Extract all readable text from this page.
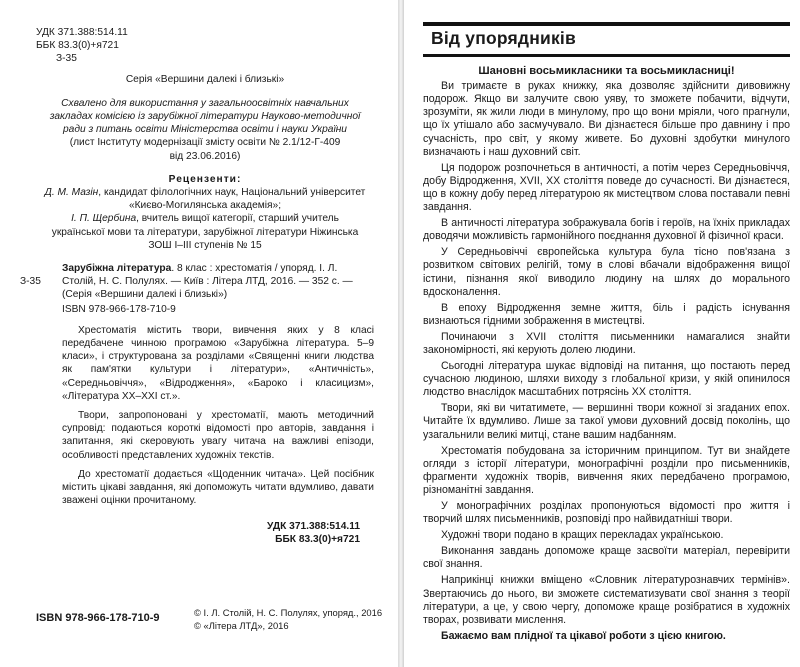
УДК 371.388:514.11
ББК 83.3(0)+я721
З-35
Серія «Вершини далекі і близькі»
Схвалено для використання у загальноосвітніх навчальних закладах комісією із зарубіжної літератури Науково-методичної ради з питань освіти Міністерства освіти і науки України
(лист Інституту модернізації змісту освіти № 2.1/12-Г-409 від 23.06.2016)
Рецензенти:
Д. М. Мазін, кандидат філологічних наук, Національний університет «Києво-Могилянська академія»;
І. П. Щербина, вчитель вищої категорії, старший учитель української мови та літератури, зарубіжної літератури Ніжинська ЗОШ І–ІІІ ступенів № 15
З-35
Зарубіжна література. 8 клас : хрестоматія / упоряд. І. Л. Столій, Н. С. Полулях. — Київ : Літера ЛТД, 2016. — 352 с. — (Серія «Вершини далекі і близькі»)
ISBN 978-966-178-710-9

Хрестоматія містить твори, вивчення яких у 8 класі передбачене чинною програмою «Зарубіжна література. 5–9 класи», і структурована за розділами «Священні книги людства як пам'ятки культури і літератури», «Античність», «Середньовіччя», «Відродження», «Бароко і класицизм», «Література XX–XXI ст.».

Твори, запропоновані у хрестоматії, мають методичний супровід: подаються короткі відомості про авторів, завдання і запитання, які скеровують увагу читача на важливі епізоди, особливості представлених художніх текстів.

До хрестоматії додається «Щоденник читача». Цей посібник містить цікаві завдання, які допоможуть читати вдумливо, давати зважені оцінки прочитаному.

УДК 371.388:514.11
ББК 83.3(0)+я721
ISBN 978-966-178-710-9	© І. Л. Столій, Н. С. Полулях, упоряд., 2016
© «Літера ЛТД», 2016
Від упорядників
Шановні восьмикласники та восьмикласниці!

Ви тримаєте в руках книжку, яка дозволяє здійснити дивовижну подорож. Якщо ви залучите свою уяву, то зможете побачити, відчути, зрозуміти, як жили люди в минулому, про що вони мріяли, чого прагнули, що їх утішало або засмучувало. Ви дізнаєтеся більше про давнину і про сучасність, про світ, у якому живете. Бо духовні здобутки минулого визначають і наш духовний світ.

Ця подорож розпочнеться в античності, а потім через Середньовіччя, добу Відродження, XVII, XX століття поведе до сучасності. Ви дізнаєтеся, що в кожну добу перед літературою як мистецтвом слова поставали певні завдання.

В античності література зображувала богів і героїв, на їхніх прикладах доводячи можливість гармонійного поєднання духовної й фізичної краси.

У Середньовіччі європейська культура була тісно пов'язана з розвитком світових релігій, тому в слові вбачали відображення вищої істини, пізнання якої виводило людину на шлях до морального вдосконалення.

В епоху Відродження земне життя, біль і радість існування визнаються гідними зображення в мистецтві.

Починаючи з XVII століття письменники намагалися знайти закономірності, які керують долею людини.

Сьогодні література шукає відповіді на питання, що постають перед сучасною людиною, шляхи виходу з глобальної кризи, у якій опинилося людство внаслідок масштабних потрясінь XX століття.

Твори, які ви читатимете, — вершинні твори кожної зі згаданих епох. Читайте їх вдумливо. Лише за такої умови духовний досвід поколінь, що узагальнили великі митці, стане вашим надбанням.

Хрестоматія побудована за історичним принципом. Тут ви знайдете огляди з історії літератури, монографічні розділи про письменників, фрагменти художніх творів, вивчення яких передбачено програмою, різноманітні завдання.

У монографічних розділах пропонуються відомості про життя і творчий шлях письменників, розповіді про найвидатніші твори.

Художні твори подано в кращих перекладах українською.

Виконання завдань допоможе краще засвоїти матеріал, перевірити свої знання.

Наприкінці книжки вміщено «Словник літературознавчих термінів». Звертаючись до нього, ви зможете систематизувати свої знання з теорії літератури, а це, у свою чергу, допоможе краще розібратися в художніх творах, розвивати мислення.

Бажаємо вам плідної та цікавої роботи з цією книгою.
